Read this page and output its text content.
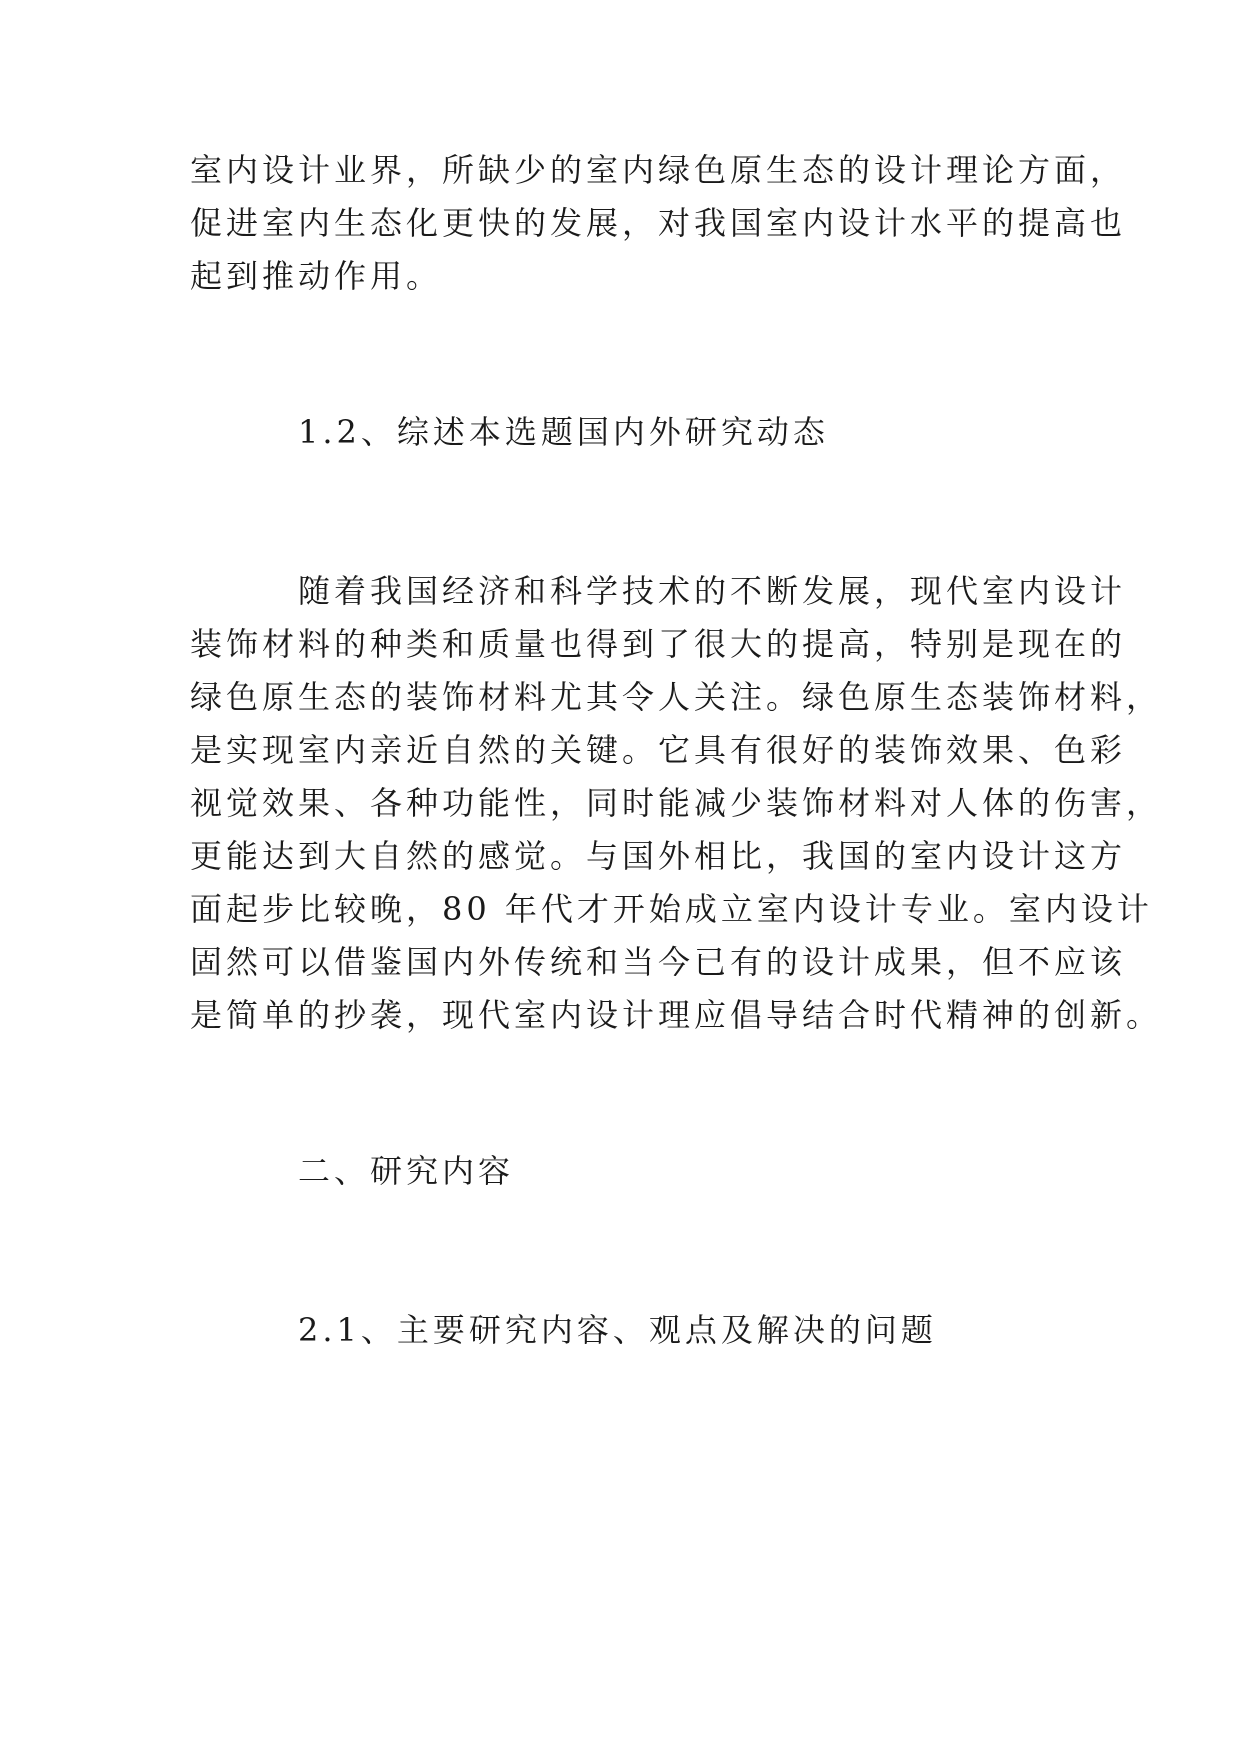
室内设计业界，所缺少的室内绿色原生态的设计理论方面，
促进室内生态化更快的发展，对我国室内设计水平的提高也
起到推动作用。
1.2、综述本选题国内外研究动态
随着我国经济和科学技术的不断发展，现代室内设计
装饰材料的种类和质量也得到了很大的提高，特别是现在的
绿色原生态的装饰材料尤其令人关注。绿色原生态装饰材料，
是实现室内亲近自然的关键。它具有很好的装饰效果、色彩
视觉效果、各种功能性，同时能减少装饰材料对人体的伤害，
更能达到大自然的感觉。与国外相比，我国的室内设计这方
面起步比较晚，80 年代才开始成立室内设计专业。室内设计
固然可以借鉴国内外传统和当今已有的设计成果，但不应该
是简单的抄袭，现代室内设计理应倡导结合时代精神的创新。
二、研究内容
2.1、主要研究内容、观点及解决的问题
